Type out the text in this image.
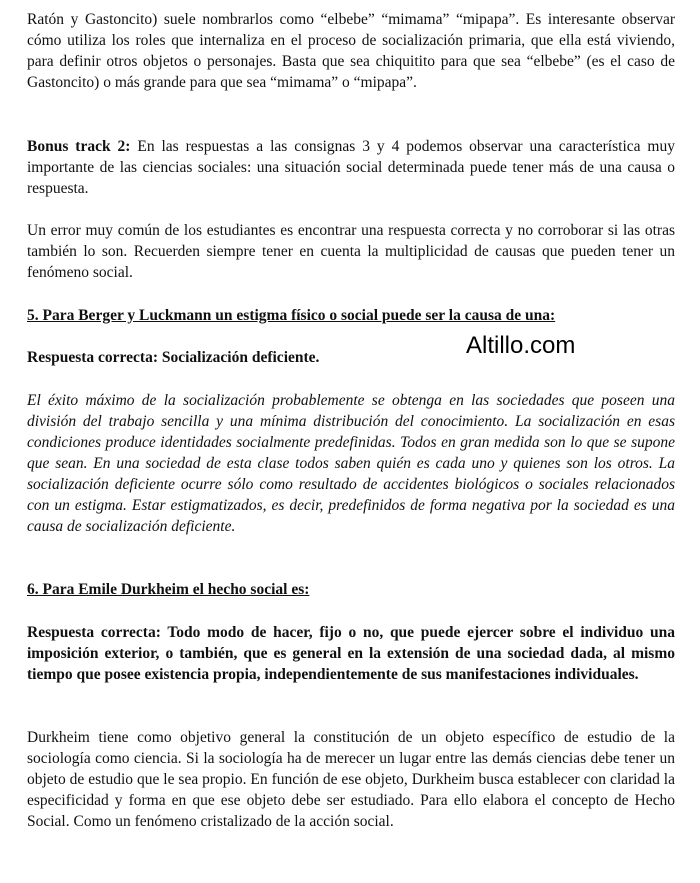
Ratón y Gastoncito) suele nombrarlos como “elbebe” “mimama” “mipapa”. Es interesante observar cómo utiliza los roles que internaliza en el proceso de socialización primaria, que ella está viviendo, para definir otros objetos o personajes. Basta que sea chiquitito para que sea “elbebe” (es el caso de Gastoncito) o más grande para que sea “mimama” o “mipapa”.

Bonus track 2: En las respuestas a las consignas 3 y 4 podemos observar una característica muy importante de las ciencias sociales: una situación social determinada puede tener más de una causa o respuesta.

Un error muy común de los estudiantes es encontrar una respuesta correcta y no corroborar si las otras también lo son. Recuerden siempre tener en cuenta la multiplicidad de causas que pueden tener un fenómeno social.

5. Para Berger y Luckmann un estigma físico o social puede ser la causa de una:

Respuesta correcta: Socialización deficiente.

El éxito máximo de la socialización probablemente se obtenga en las sociedades que poseen una división del trabajo sencilla y una mínima distribución del conocimiento. La socialización en esas condiciones produce identidades socialmente predefinidas. Todos en gran medida son lo que se supone que sean. En una sociedad de esta clase todos saben quién es cada uno y quienes son los otros. La socialización deficiente ocurre sólo como resultado de accidentes biológicos o sociales relacionados con un estigma. Estar estigmatizados, es decir, predefinidos de forma negativa por la sociedad es una causa de socialización deficiente.

6. Para Emile Durkheim el hecho social es:

Respuesta correcta: Todo modo de hacer, fijo o no, que puede ejercer sobre el individuo una imposición exterior, o también, que es general en la extensión de una sociedad dada, al mismo tiempo que posee existencia propia, independientemente de sus manifestaciones individuales.

Durkheim tiene como objetivo general la constitución de un objeto específico de estudio de la sociología como ciencia. Si la sociología ha de merecer un lugar entre las demás ciencias debe tener un objeto de estudio que le sea propio. En función de ese objeto, Durkheim busca establecer con claridad la especificidad y forma en que ese objeto debe ser estudiado. Para ello elabora el concepto de Hecho Social. Como un fenómeno cristalizado de la acción social.

Altillo.com
